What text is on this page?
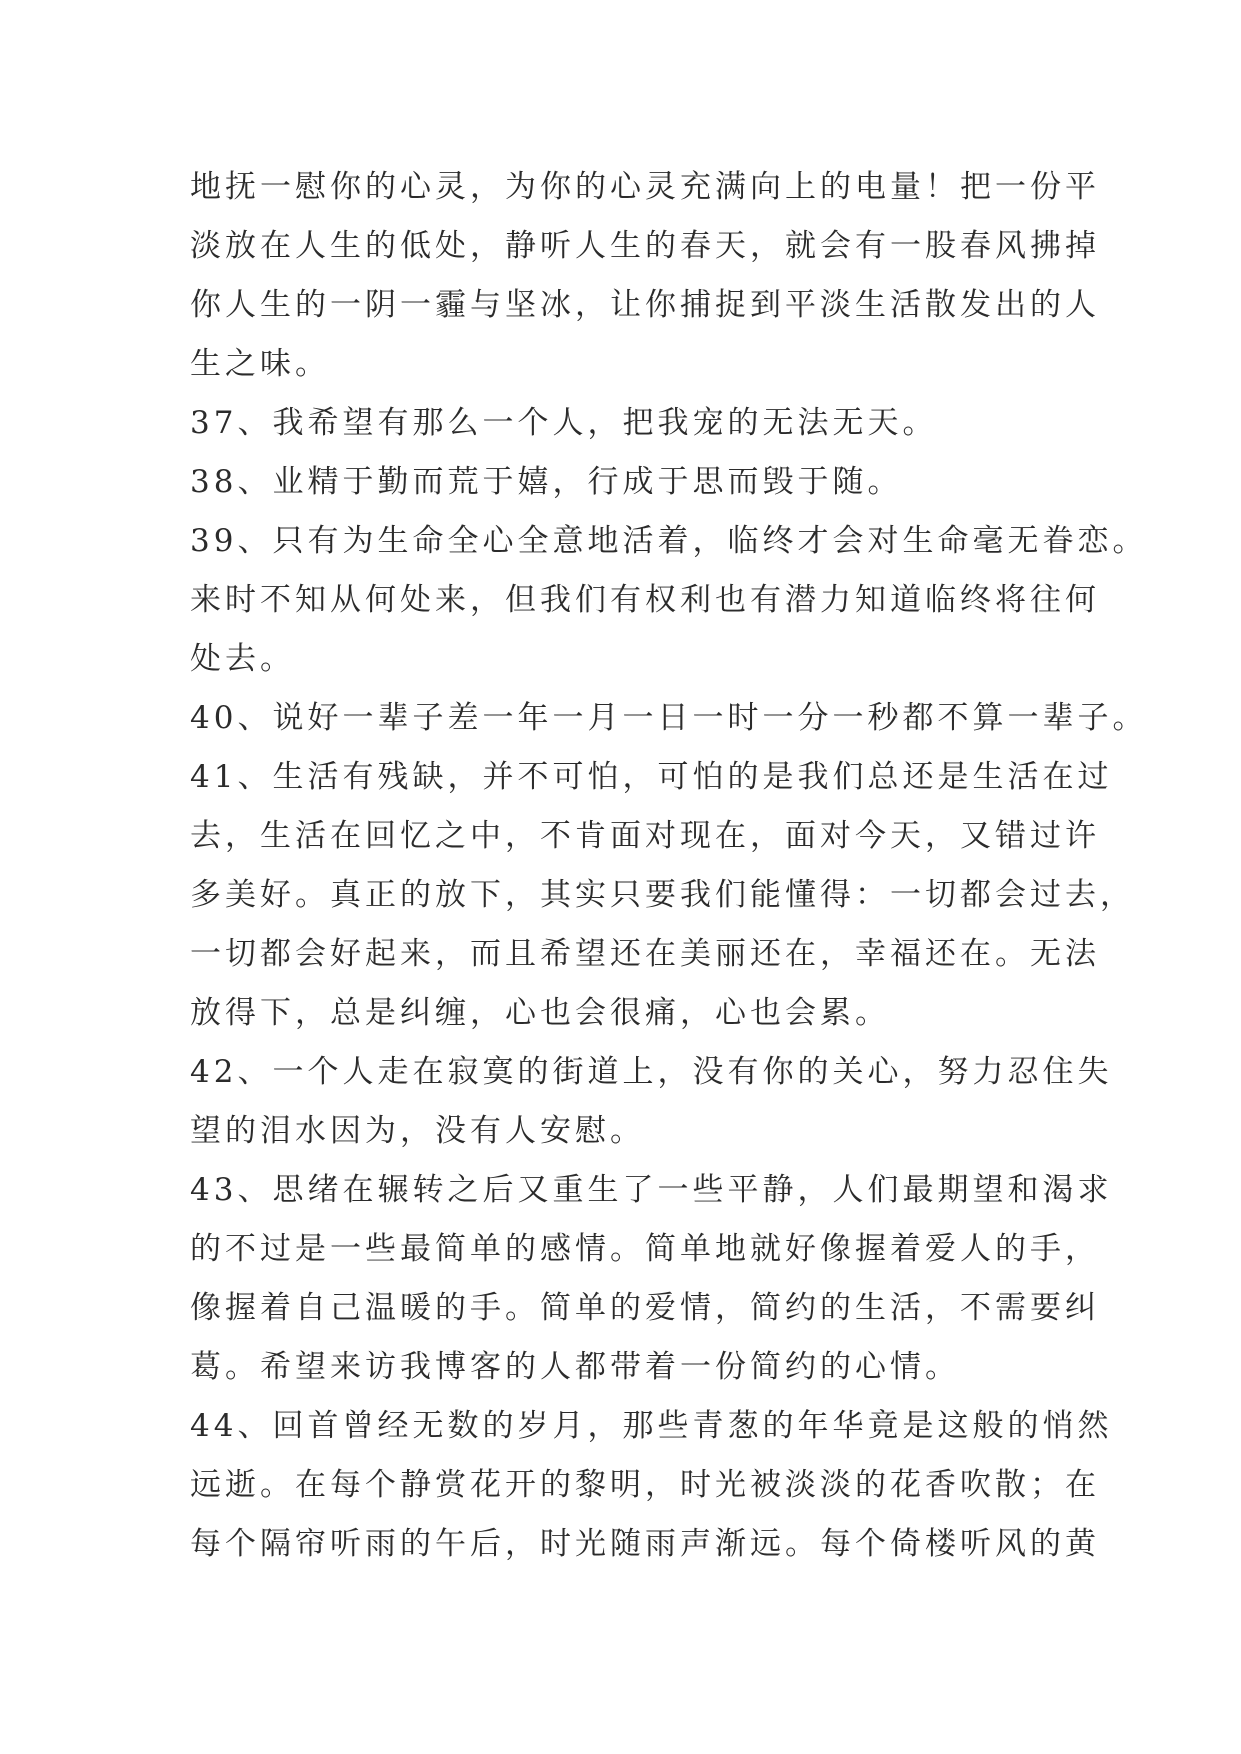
地抚一慰你的心灵，为你的心灵充满向上的电量！把一份平
淡放在人生的低处，静听人生的春天，就会有一股春风拂掉
你人生的一阴一霾与坚冰，让你捕捉到平淡生活散发出的人
生之味。
37、我希望有那么一个人，把我宠的无法无天。
38、业精于勤而荒于嬉，行成于思而毁于随。
39、只有为生命全心全意地活着，临终才会对生命毫无眷恋。
来时不知从何处来，但我们有权利也有潜力知道临终将往何
处去。
40、说好一辈子差一年一月一日一时一分一秒都不算一辈子。
41、生活有残缺，并不可怕，可怕的是我们总还是生活在过
去，生活在回忆之中，不肯面对现在，面对今天，又错过许
多美好。真正的放下，其实只要我们能懂得：一切都会过去，
一切都会好起来，而且希望还在美丽还在，幸福还在。无法
放得下，总是纠缠，心也会很痛，心也会累。
42、一个人走在寂寞的街道上，没有你的关心，努力忍住失
望的泪水因为，没有人安慰。
43、思绪在辗转之后又重生了一些平静，人们最期望和渴求
的不过是一些最简单的感情。简单地就好像握着爱人的手，
像握着自己温暖的手。简单的爱情，简约的生活，不需要纠
葛。希望来访我博客的人都带着一份简约的心情。
44、回首曾经无数的岁月，那些青葱的年华竟是这般的悄然
远逝。在每个静赏花开的黎明，时光被淡淡的花香吹散；在
每个隔帘听雨的午后，时光随雨声渐远。每个倚楼听风的黄
